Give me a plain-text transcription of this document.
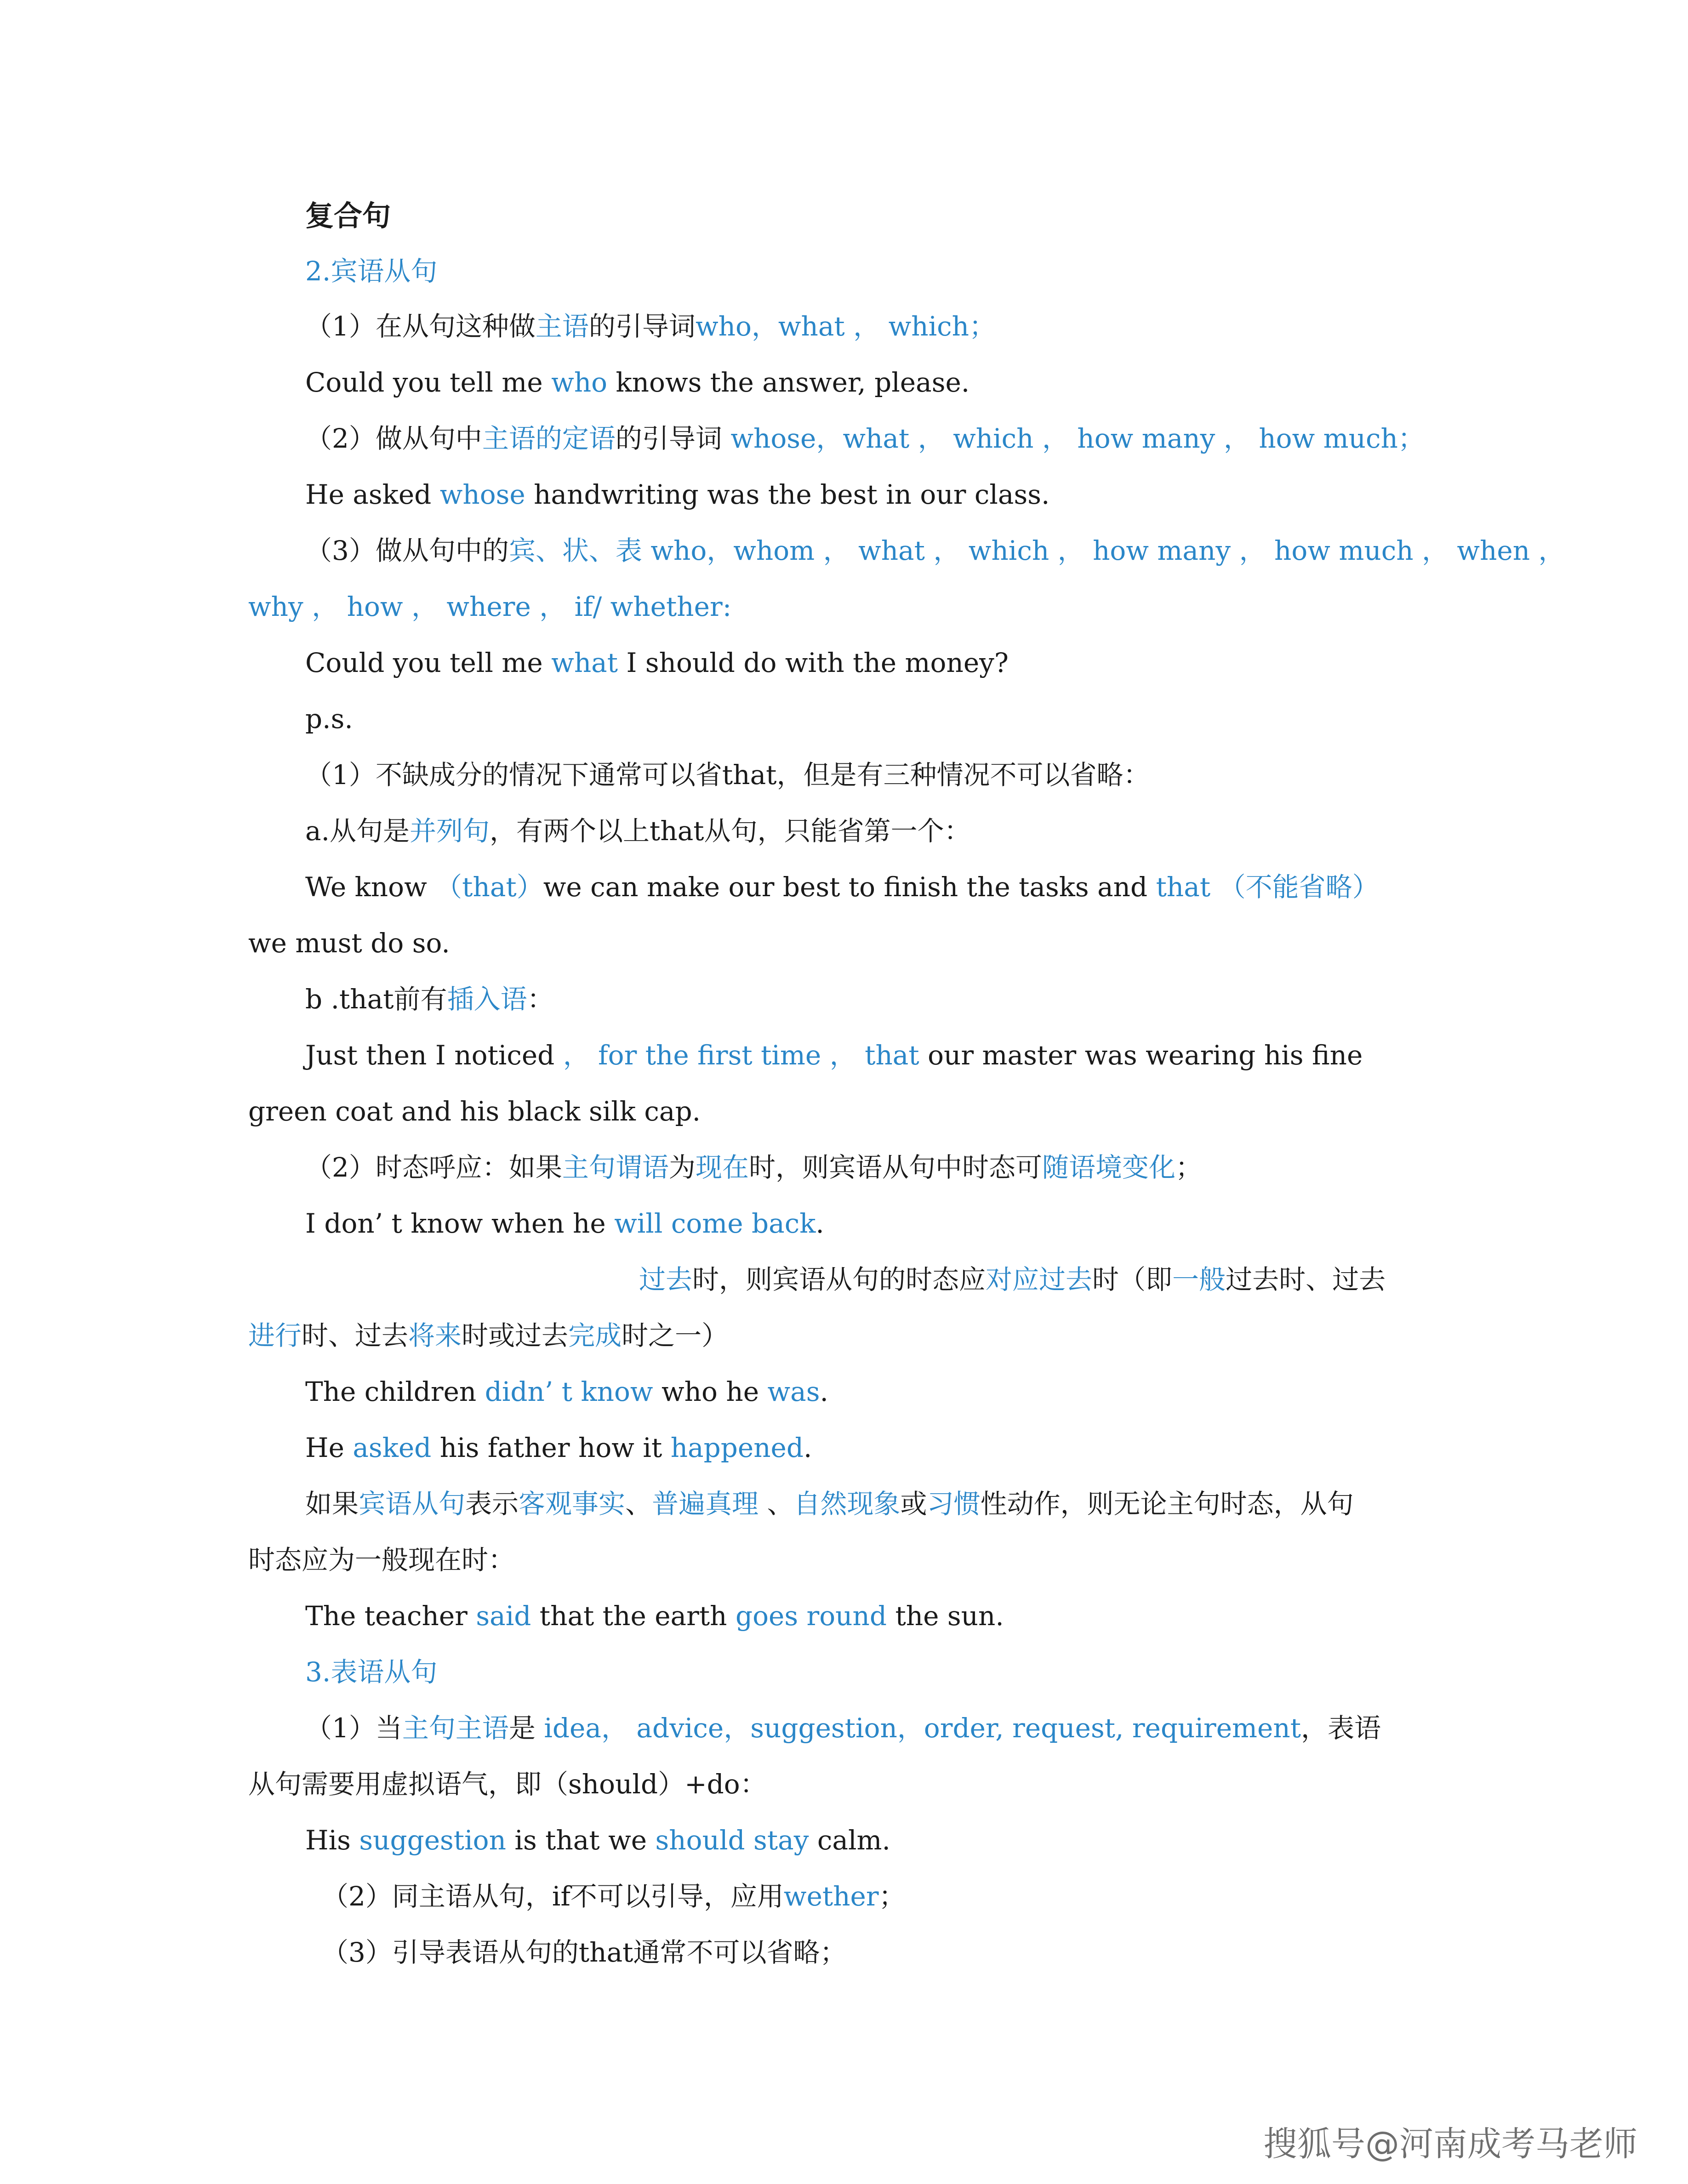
复合句
2.宾语从句
（1）在从句这种做主语的引导词who，what ， which；
Could you tell me who knows the answer, please.
（2）做从句中主语的定语的引导词 whose，what ， which ， how many ， how much；
He asked whose handwriting was the best in our class.
（3）做从句中的宾、状、表 who，whom ， what ， which ， how many ， how much ， when ，
why ， how ， where ， if/ whether:
Could you tell me what I should do with the money?
p.s.
（1）不缺成分的情况下通常可以省that，但是有三种情况不可以省略：
a.从句是并列句，有两个以上that从句，只能省第一个：
We know （that）we can make our best to finish the tasks and that （不能省略）
we must do so.
b .that前有插入语：
Just then I noticed ， for the first time ， that our master was wearing his fine
green coat and his black silk cap.
（2）时态呼应：如果主句谓语为现在时，则宾语从句中时态可随语境变化；
I don’ t know when he will come back.
过去时，则宾语从句的时态应对应过去时（即一般过去时、过去
进行时、过去将来时或过去完成时之一）
The children didn’ t know who he was.
He asked his father how it happened.
如果宾语从句表示客观事实、普遍真理 、自然现象或习惯性动作，则无论主句时态，从句
时态应为一般现在时：
The teacher said that the earth goes round the sun.
3.表语从句
（1）当主句主语是 idea， advice，suggestion，order, request, requirement，表语
从句需要用虚拟语气，即（should）+do：
His suggestion is that we should stay calm.
（2）同主语从句，if不可以引导，应用wether；
（3）引导表语从句的that通常不可以省略；
搜狐号@河南成考马老师
